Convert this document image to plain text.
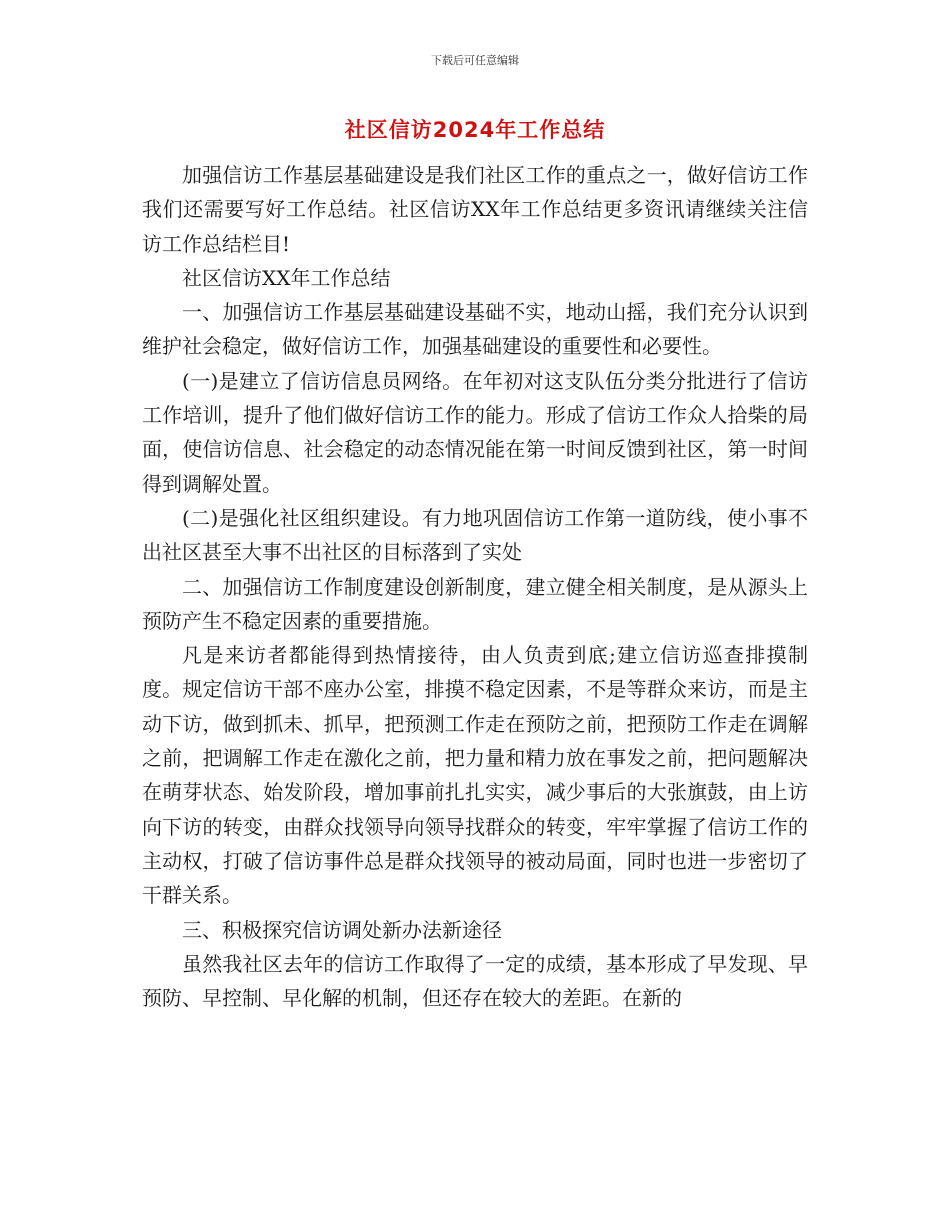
下载后可任意编辑
社区信访2024年工作总结

加强信访工作基层基础建设是我们社区工作的重点之一，做好信访工作我们还需要写好工作总结。社区信访XX年工作总结更多资讯请继续关注信访工作总结栏目!

社区信访XX年工作总结

一、加强信访工作基层基础建设基础不实，地动山摇，我们充分认识到维护社会稳定，做好信访工作，加强基础建设的重要性和必要性。

(一)是建立了信访信息员网络。在年初对这支队伍分类分批进行了信访工作培训，提升了他们做好信访工作的能力。形成了信访工作众人拾柴的局面，使信访信息、社会稳定的动态情况能在第一时间反馈到社区，第一时间得到调解处置。

(二)是强化社区组织建设。有力地巩固信访工作第一道防线，使小事不出社区甚至大事不出社区的目标落到了实处

二、加强信访工作制度建设创新制度，建立健全相关制度，是从源头上预防产生不稳定因素的重要措施。

凡是来访者都能得到热情接待，由人负责到底;建立信访巡查排摸制度。规定信访干部不座办公室，排摸不稳定因素，不是等群众来访，而是主动下访，做到抓未、抓早，把预测工作走在预防之前，把预防工作走在调解之前，把调解工作走在激化之前，把力量和精力放在事发之前，把问题解决在萌芽状态、始发阶段，增加事前扎扎实实，减少事后的大张旗鼓，由上访向下访的转变，由群众找领导向领导找群众的转变，牢牢掌握了信访工作的主动权，打破了信访事件总是群众找领导的被动局面，同时也进一步密切了干群关系。

三、积极探究信访调处新办法新途径

虽然我社区去年的信访工作取得了一定的成绩，基本形成了早发现、早预防、早控制、早化解的机制，但还存在较大的差距。在新的
